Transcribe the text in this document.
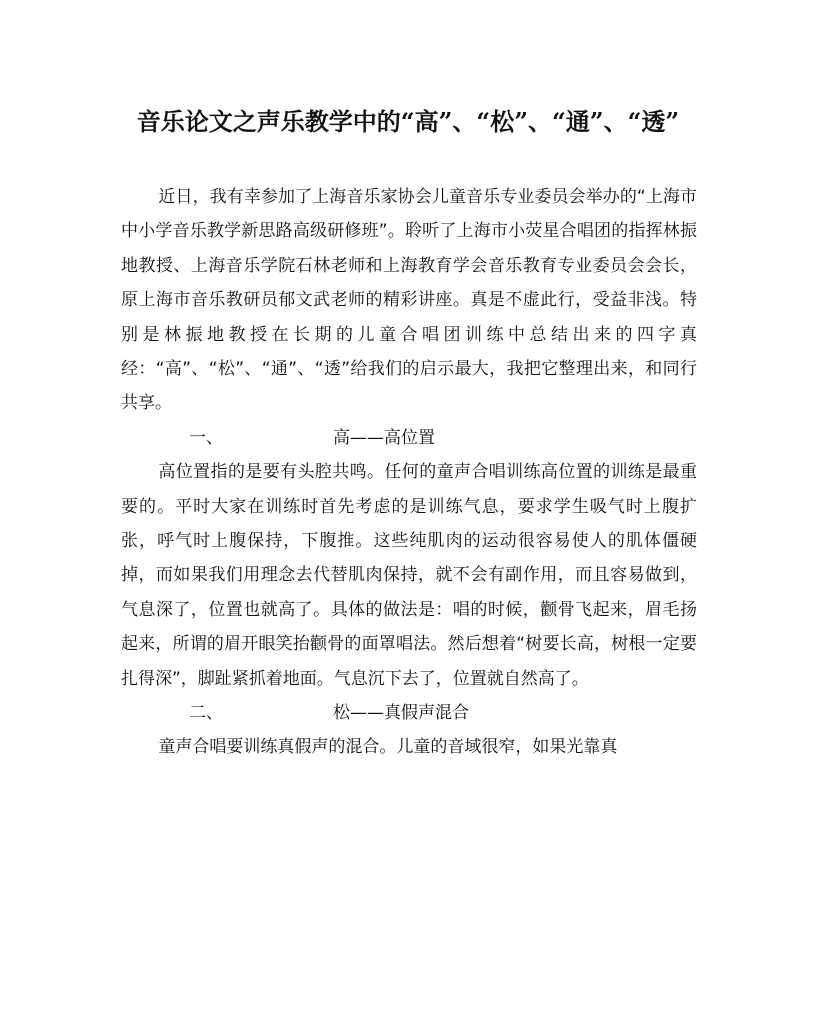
音乐论文之声乐教学中的“高”、“松”、“通”、“透”

近日，我有幸参加了上海音乐家协会儿童音乐专业委员会举办的“上海市中小学音乐教学新思路高级研修班”。聆听了上海市小荧星合唱团的指挥林振地教授、上海音乐学院石林老师和上海教育学会音乐教育专业委员会会长，原上海市音乐教研员郁文武老师的精彩讲座。真是不虚此行，受益非浅。特别是林振地教授在长期的儿童合唱团训练中总结出来的四字真经：“高”、“松”、“通”、“透”给我们的启示最大，我把它整理出来，和同行共享。

一、	高——高位置

高位置指的是要有头腔共鸣。任何的童声合唱训练高位置的训练是最重要的。平时大家在训练时首先考虑的是训练气息，要求学生吸气时上腹扩张，呼气时上腹保持，下腹推。这些纯肌肉的运动很容易使人的肌体僵硬掉，而如果我们用理念去代替肌肉保持，就不会有副作用，而且容易做到，气息深了，位置也就高了。具体的做法是：唱的时候，颧骨飞起来，眉毛扬起来，所谓的眉开眼笑抬颧骨的面罩唱法。然后想着“树要长高，树根一定要扎得深”，脚趾紧抓着地面。气息沉下去了，位置就自然高了。

二、	松——真假声混合

童声合唱要训练真假声的混合。儿童的音域很窄，如果光靠真
